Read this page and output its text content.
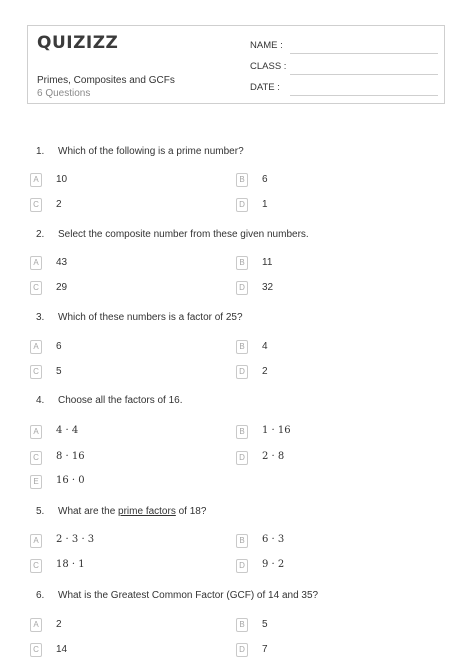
QUIZIZZ
Primes, Composites and GCFs
6 Questions
NAME :
CLASS :
DATE :
1. Which of the following is a prime number?
A	10	B	6
C	2	D	1
2. Select the composite number from these given numbers.
A	43	B	11
C	29	D	32
3. Which of these numbers is a factor of 25?
A	6	B	4
C	5	D	2
4. Choose all the factors of 16.
A	4 · 4	B	1 · 16
C	8 · 16	D	2 · 8
E	16 · 0
5. What are the prime factors of 18?
A	2 · 3 · 3	B	6 · 3
C	18 · 1	D	9 · 2
6. What is the Greatest Common Factor (GCF) of 14 and 35?
A	2	B	5
C	14	D	7
